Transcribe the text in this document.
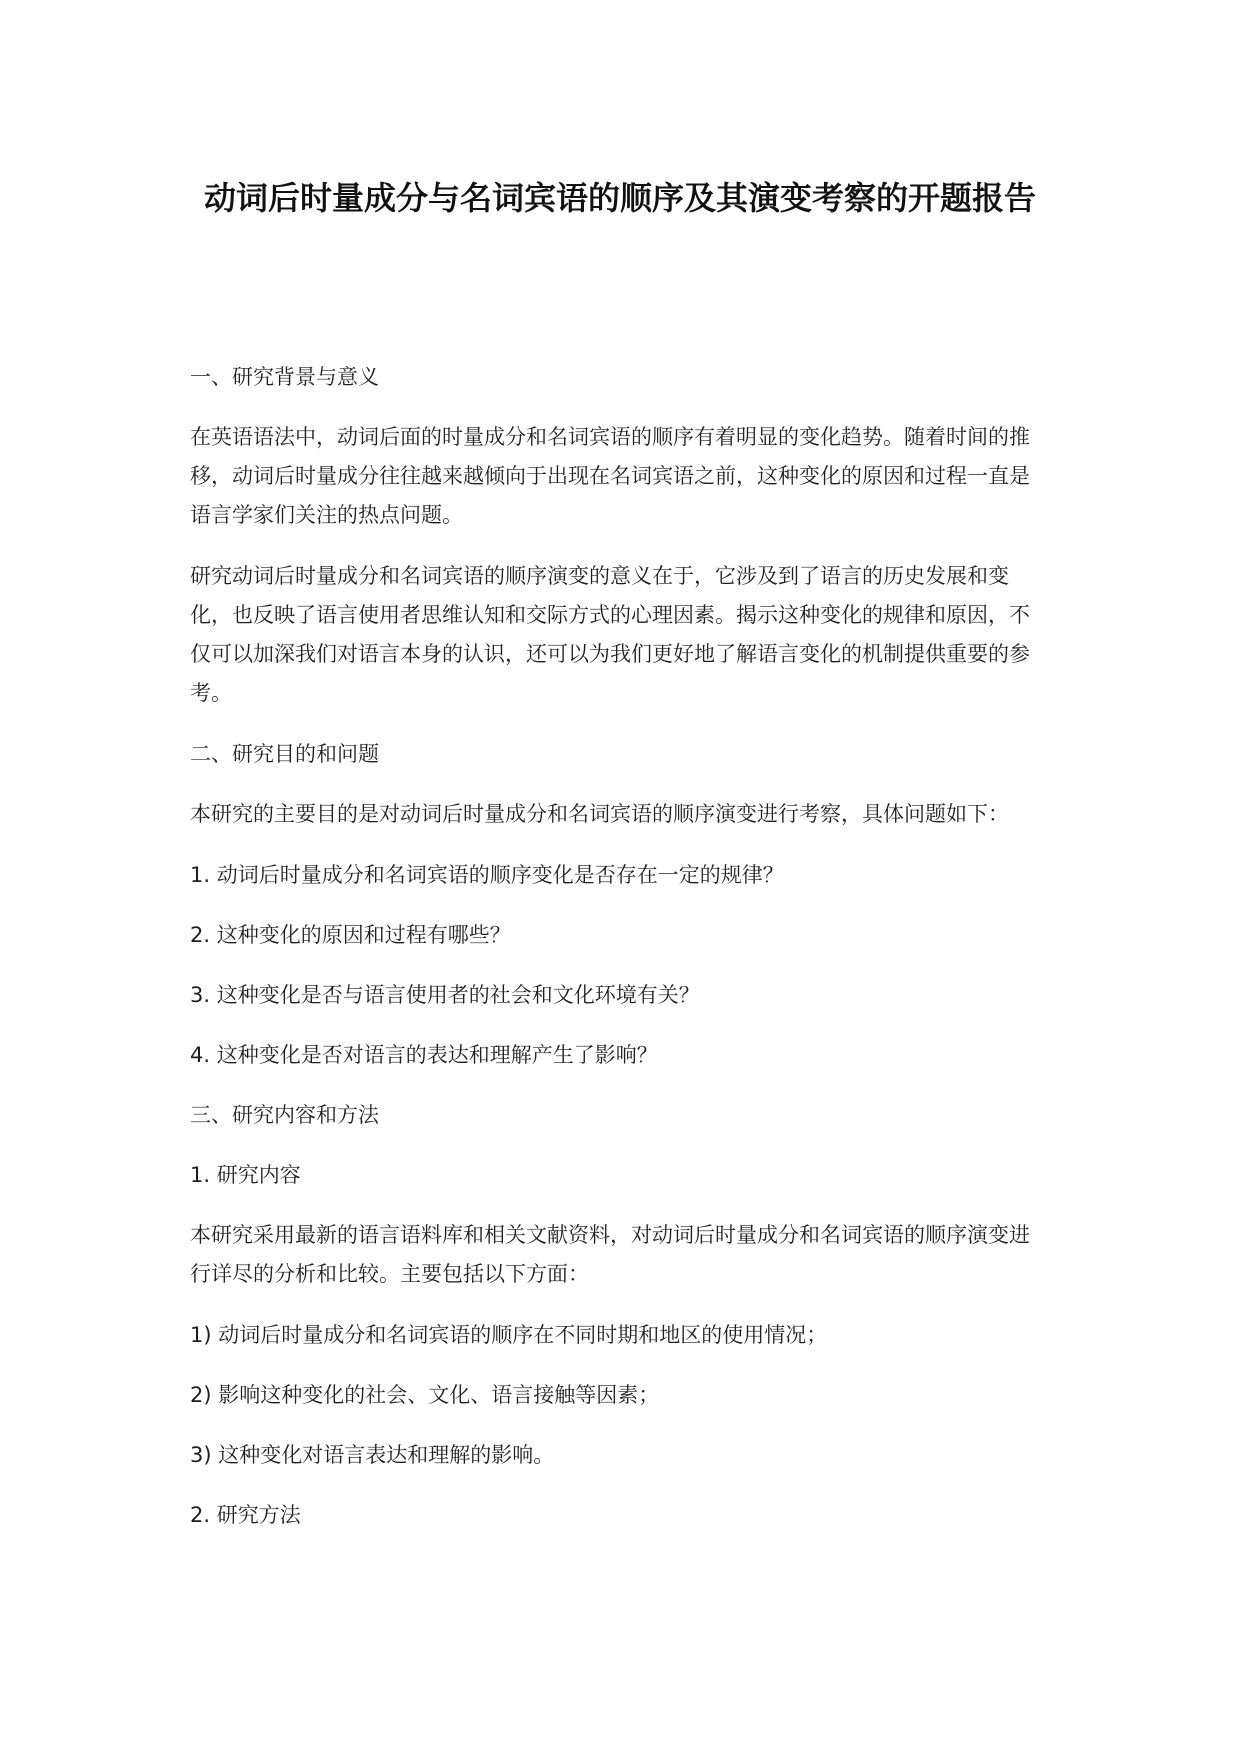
动词后时量成分与名词宾语的顺序及其演变考察的开题报告

一、研究背景与意义

在英语语法中，动词后面的时量成分和名词宾语的顺序有着明显的变化趋势。随着时间的推移，动词后时量成分往往越来越倾向于出现在名词宾语之前，这种变化的原因和过程一直是语言学家们关注的热点问题。

研究动词后时量成分和名词宾语的顺序演变的意义在于，它涉及到了语言的历史发展和变化，也反映了语言使用者思维认知和交际方式的心理因素。揭示这种变化的规律和原因，不仅可以加深我们对语言本身的认识，还可以为我们更好地了解语言变化的机制提供重要的参考。

二、研究目的和问题

本研究的主要目的是对动词后时量成分和名词宾语的顺序演变进行考察，具体问题如下：

1. 动词后时量成分和名词宾语的顺序变化是否存在一定的规律？

2. 这种变化的原因和过程有哪些？

3. 这种变化是否与语言使用者的社会和文化环境有关？

4. 这种变化是否对语言的表达和理解产生了影响？

三、研究内容和方法

1. 研究内容

本研究采用最新的语言语料库和相关文献资料，对动词后时量成分和名词宾语的顺序演变进行详尽的分析和比较。主要包括以下方面：

1) 动词后时量成分和名词宾语的顺序在不同时期和地区的使用情况；

2) 影响这种变化的社会、文化、语言接触等因素；

3) 这种变化对语言表达和理解的影响。

2. 研究方法
